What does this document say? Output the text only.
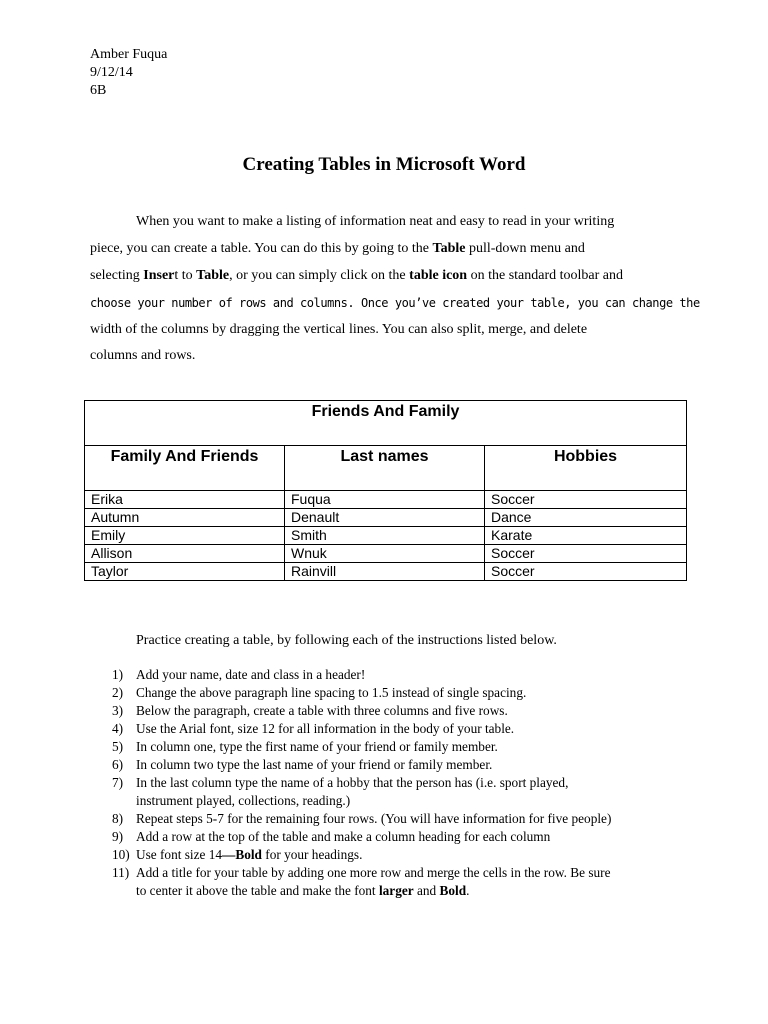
Amber Fuqua
9/12/14
6B
Creating Tables in Microsoft Word
When you want to make a listing of information neat and easy to read in your writing
piece, you can create a table. You can do this by going to the Table pull-down menu and
selecting Insert to Table, or you can simply click on the table icon on the standard toolbar and
choose your number of rows and columns. Once you’ve created your table, you can change the
width of the columns by dragging the vertical lines. You can also split, merge, and delete
columns and rows.
Friends And Family		
Family And Friends	Last names	Hobbies
Erika	Fuqua	Soccer
Autumn	Denault	Dance
Emily	Smith	Karate
Allison	Wnuk	Soccer
Taylor	Rainvill	Soccer
Practice creating a table, by following each of the instructions listed below.
1) Add your name, date and class in a header!
2) Change the above paragraph line spacing to 1.5 instead of single spacing.
3) Below the paragraph, create a table with three columns and five rows.
4) Use the Arial font, size 12 for all information in the body of your table.
5) In column one, type the first name of your friend or family member.
6) In column two type the last name of your friend or family member.
7) In the last column type the name of a hobby that the person has (i.e. sport played,
instrument played, collections, reading.)
8) Repeat steps 5-7 for the remaining four rows. (You will have information for five people)
9) Add a row at the top of the table and make a column heading for each column
10) Use font size 14—Bold for your headings.
11) Add a title for your table by adding one more row and merge the cells in the row. Be sure
to center it above the table and make the font larger and Bold.
